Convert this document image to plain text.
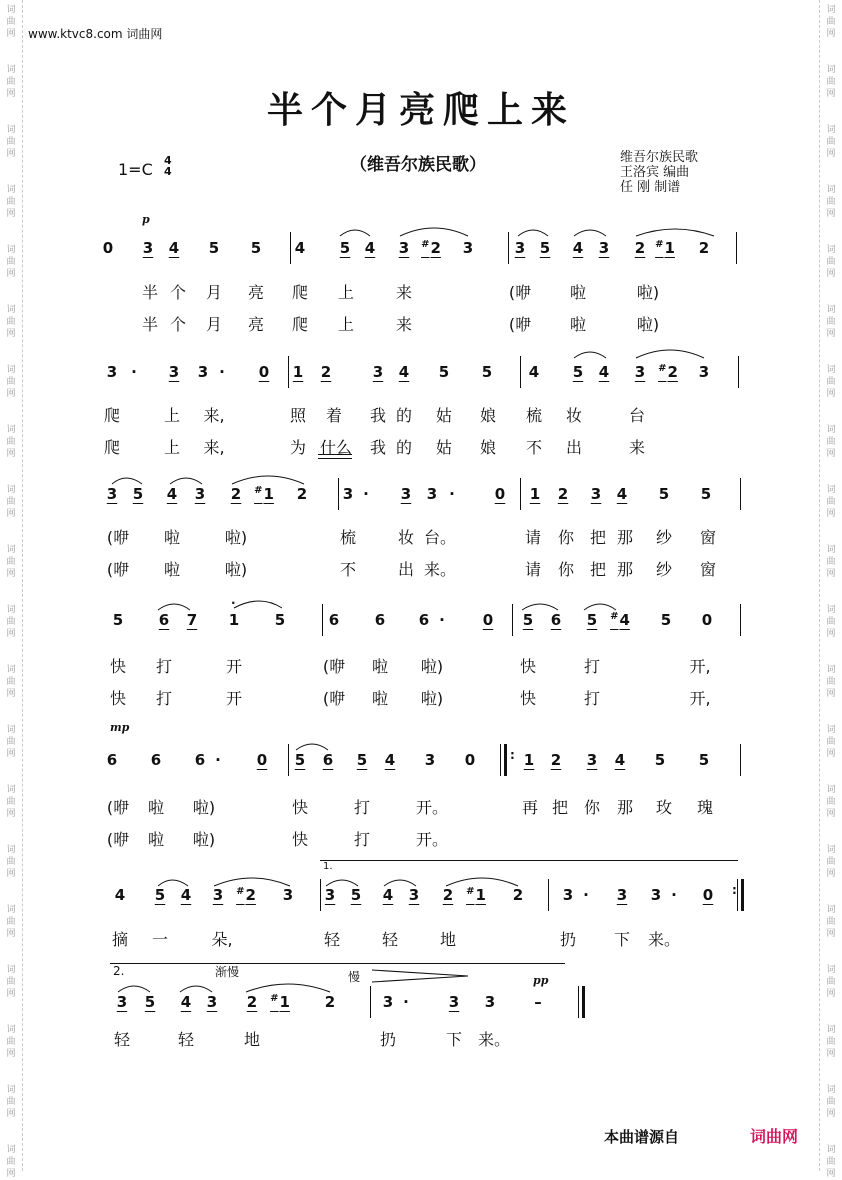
词
曲
网
词
曲
网
词
曲
网
词
曲
网
词
曲
网
词
曲
网
词
曲
网
词
曲
网
词
曲
网
词
曲
网
词
曲
网
词
曲
网
词
曲
网
词
曲
网
词
曲
网
词
曲
网
词
曲
网
词
曲
网
词
曲
网
词
曲
网
词
曲
网
词
曲
网
词
曲
网
词
曲
网
词
曲
网
词
曲
网
词
曲
网
词
曲
网
词
曲
网
词
曲
网
词
曲
网
词
曲
网
词
曲
网
词
曲
网
词
曲
网
词
曲
网
词
曲
网
词
曲
网
词
曲
网
词
曲
网
www.ktvc8.com 词曲网
半个月亮爬上来
1=C 4
4	（维吾尔族民歌）	维吾尔族民歌
王洛宾 编曲
任 刚 制谱
p
mp
pp
渐慢	慢
1.
2.
0 3 4 5 5 4 5 4 3 #2 3	3 5 4 3 2 #1 2
半 个 月 亮 爬 上	来	(咿 啦	啦)
半 个 月 亮 爬 上	来	(咿 啦	啦)
3 · 3 3 · 0 1 2	3 4 5 5 4 5 4 3 #2 3
爬	上 来,	照 着 我 的 姑 娘 梳 妆	台
爬	上 来,	为 什么 我 的 姑 娘 不 出	来
3 5 4 3 2 #1 2 3 · 3 3 ·	0 1 2 3 4 5 5
(咿 啦	啦)	梳	妆 台。	请 你 把 那 纱 窗
(咿 啦	啦)	不	出 来。	请 你 把 那 纱 窗
5 6 7 1
·
5	6 6 6 ·	0 5 6 5 #4 5 0
快 打	开	(咿 啦 啦)	快	打	开,
快 打	开	(咿 啦 啦)	快	打	开,
6 6 6 · 0 5 6 5 4 3 0	1 2 3 4 5 5
:
(咿 啦 啦)	快	打	开。	再 把 你 那 玫 瑰
(咿 啦 啦)	快	打	开。
4 5 4 3 #2 3 3 5 4 3 2 #1 2	3 · 3 3 · 0 :
摘 一	朵,	轻	轻	地	扔 下 来。
3 5 4 3 2 #1 2	3 ·	3 3	–
轻	轻	地	扔	下 来。
本曲谱源自	词曲网
